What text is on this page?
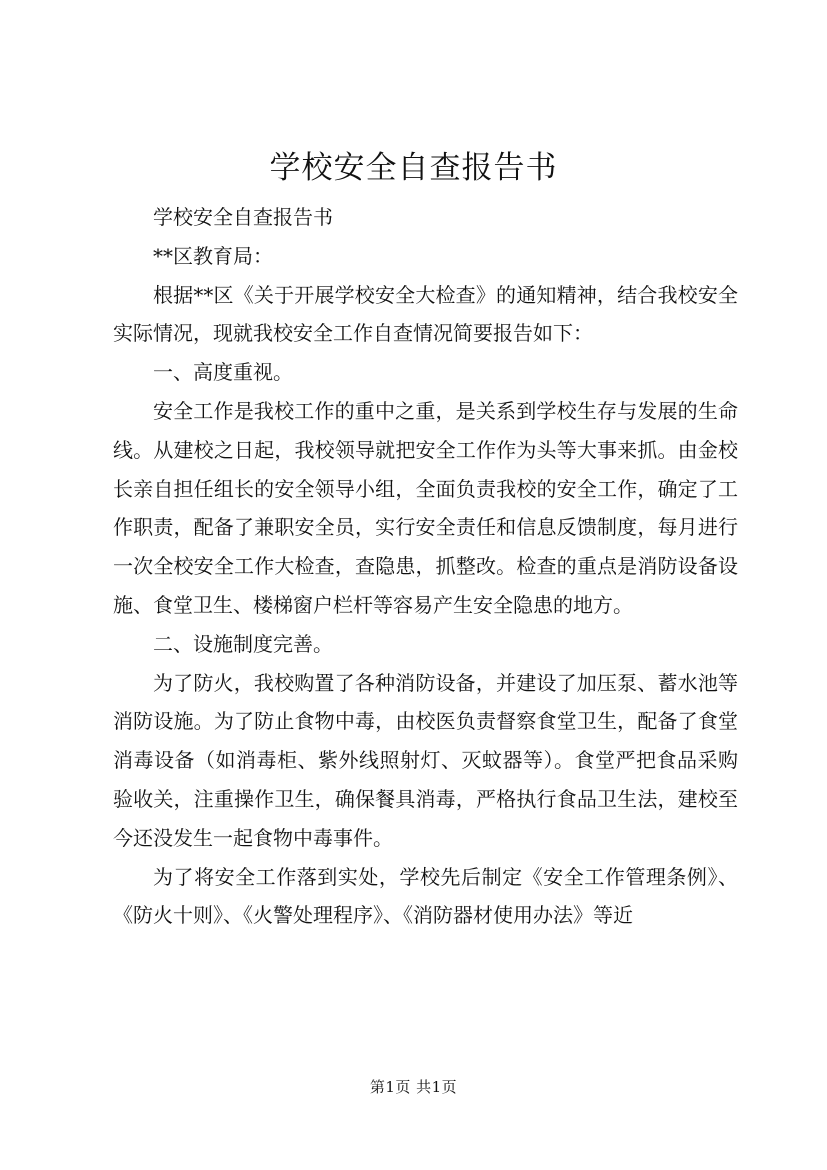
学校安全自查报告书

学校安全自查报告书

**区教育局：

根据**区《关于开展学校安全大检查》的通知精神，结合我校安全实际情况，现就我校安全工作自查情况简要报告如下：

一、高度重视。

安全工作是我校工作的重中之重，是关系到学校生存与发展的生命线。从建校之日起，我校领导就把安全工作作为头等大事来抓。由金校长亲自担任组长的安全领导小组，全面负责我校的安全工作，确定了工作职责，配备了兼职安全员，实行安全责任和信息反馈制度，每月进行一次全校安全工作大检查，查隐患，抓整改。检查的重点是消防设备设施、食堂卫生、楼梯窗户栏杆等容易产生安全隐患的地方。

二、设施制度完善。

为了防火，我校购置了各种消防设备，并建设了加压泵、蓄水池等消防设施。为了防止食物中毒，由校医负责督察食堂卫生，配备了食堂消毒设备（如消毒柜、紫外线照射灯、灭蚊器等）。食堂严把食品采购验收关，注重操作卫生，确保餐具消毒，严格执行食品卫生法，建校至今还没发生一起食物中毒事件。

为了将安全工作落到实处，学校先后制定《安全工作管理条例》、《防火十则》、《火警处理程序》、《消防器材使用办法》等近

第1页 共1页
